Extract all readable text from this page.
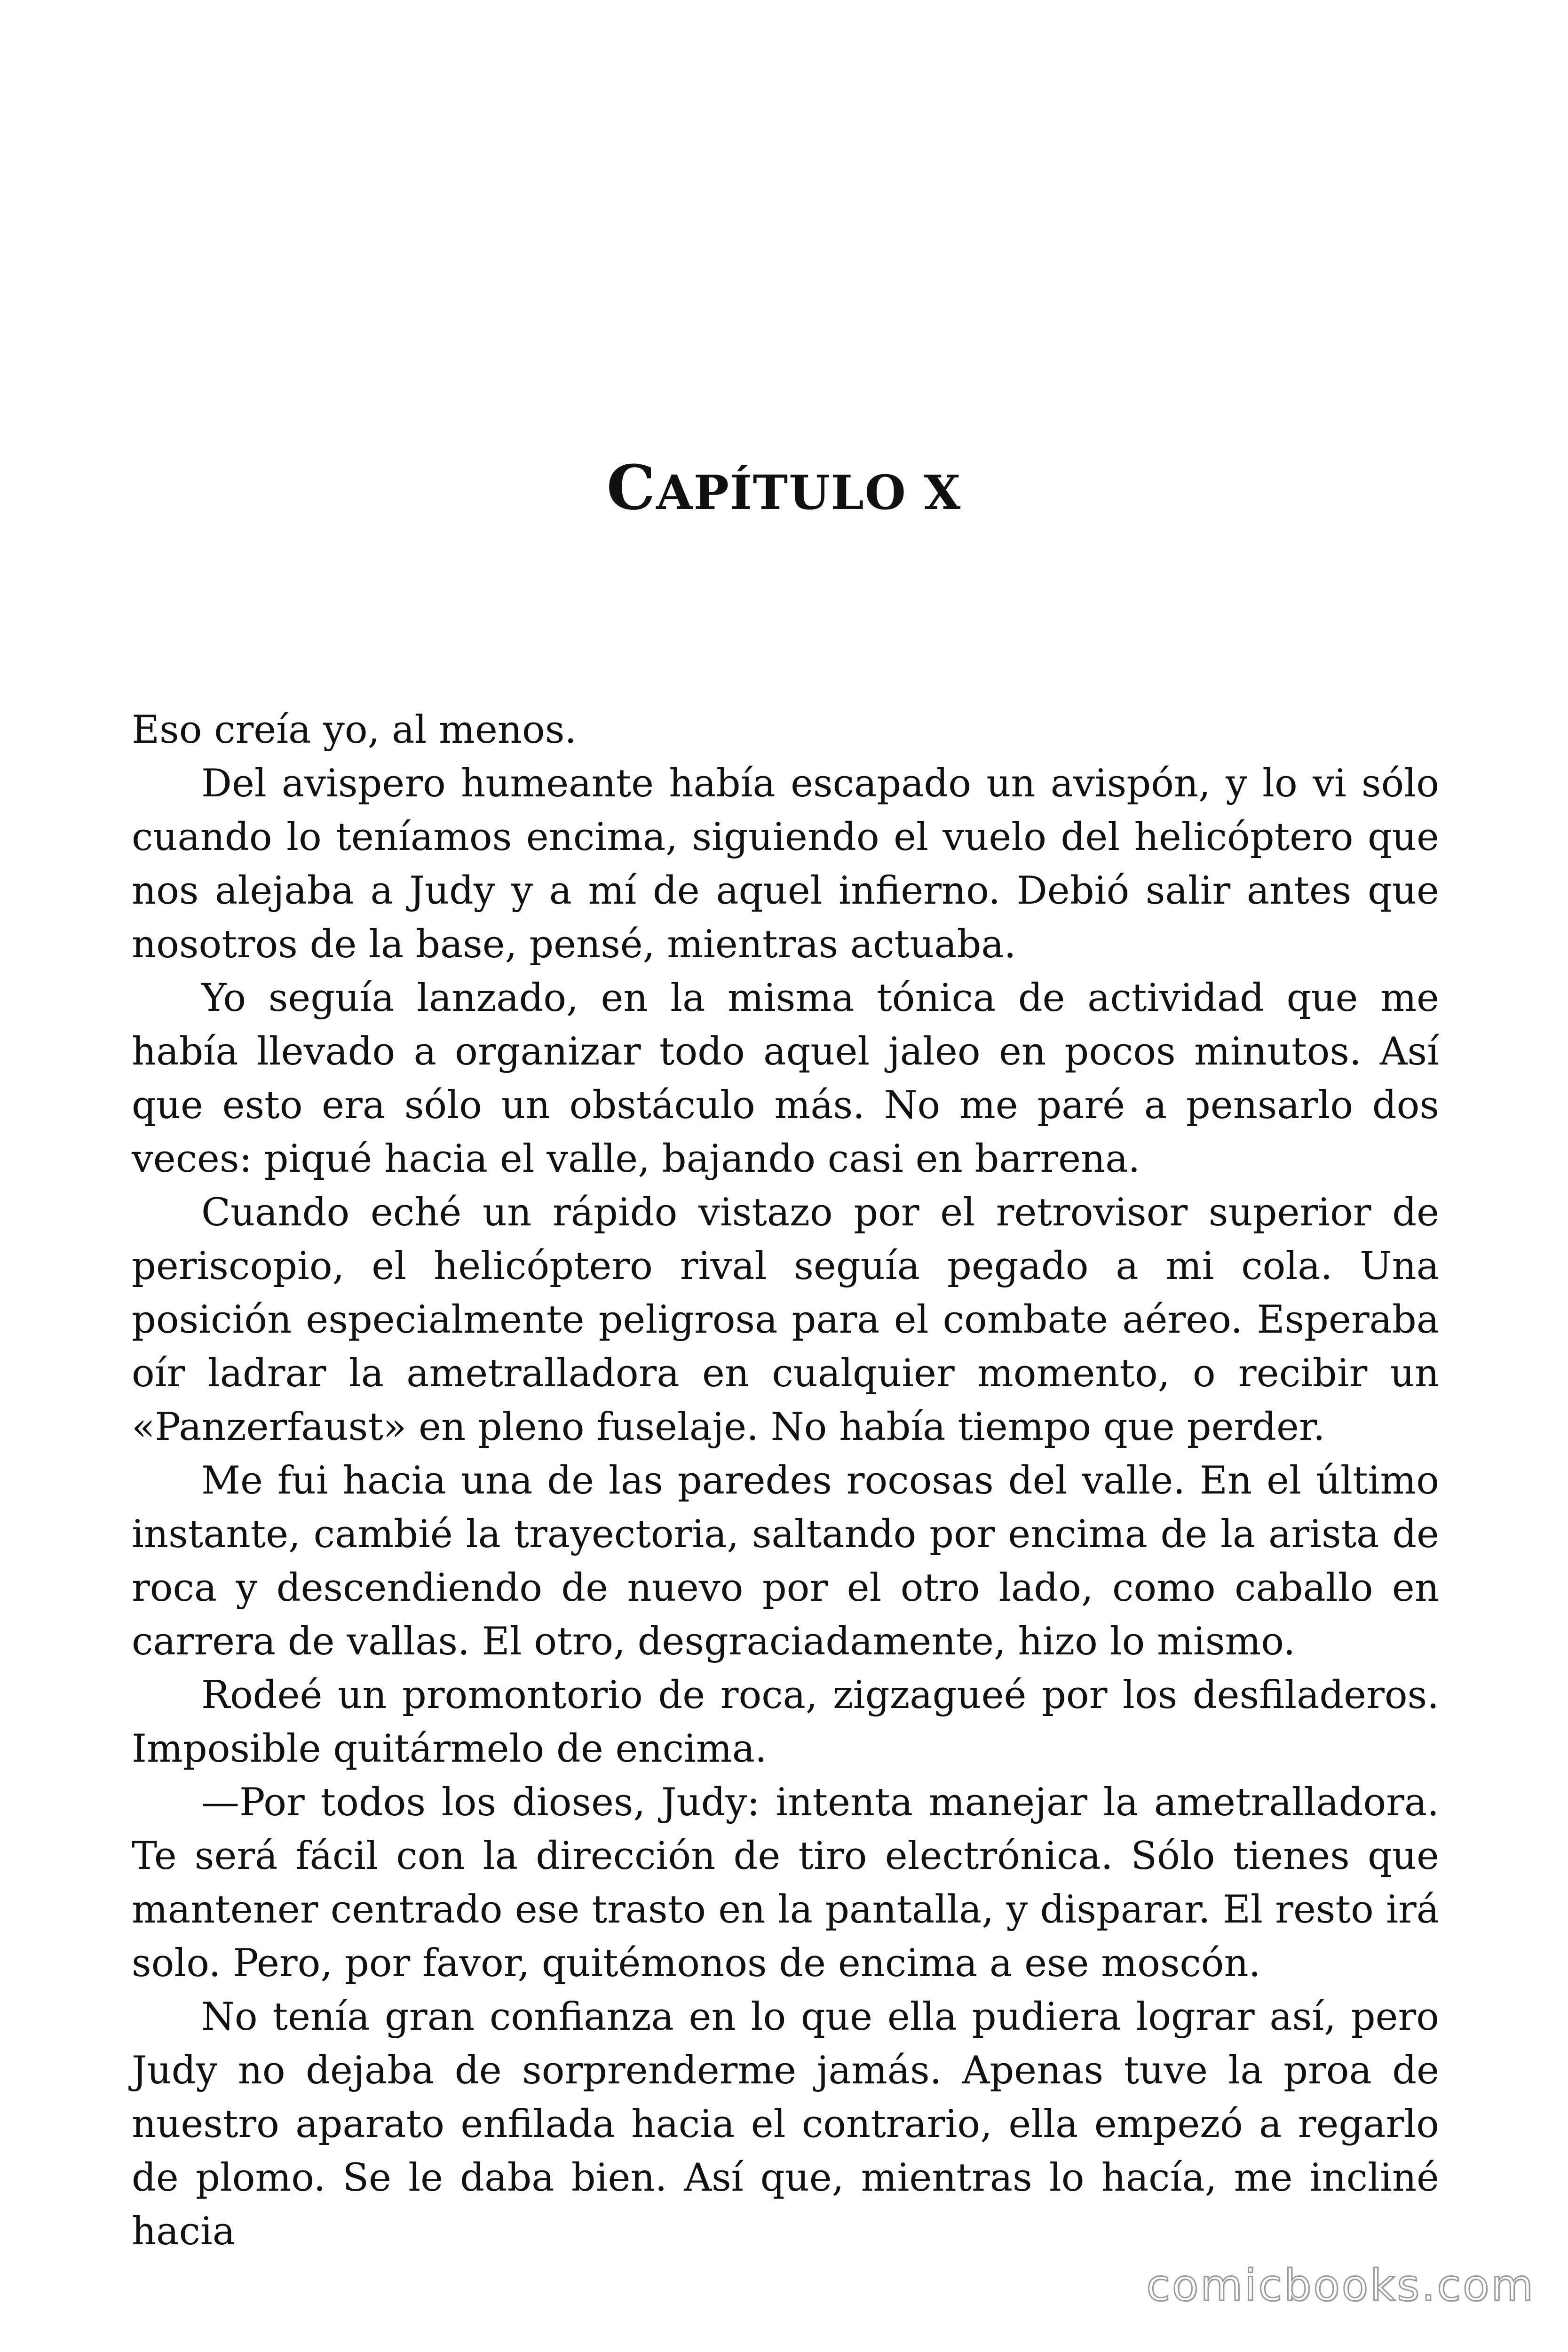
CAPÍTULO X

Eso creía yo, al menos.

Del avispero humeante había escapado un avispón, y lo vi sólo cuando lo teníamos encima, siguiendo el vuelo del helicóptero que nos alejaba a Judy y a mí de aquel infierno. Debió salir antes que nosotros de la base, pensé, mientras actuaba.

Yo seguía lanzado, en la misma tónica de actividad que me había llevado a organizar todo aquel jaleo en pocos minutos. Así que esto era sólo un obstáculo más. No me paré a pensarlo dos veces: piqué hacia el valle, bajando casi en barrena.

Cuando eché un rápido vistazo por el retrovisor superior de periscopio, el helicóptero rival seguía pegado a mi cola. Una posición especialmente peligrosa para el combate aéreo. Esperaba oír ladrar la ametralladora en cualquier momento, o recibir un «Panzerfaust» en pleno fuselaje. No había tiempo que perder.

Me fui hacia una de las paredes rocosas del valle. En el último instante, cambié la trayectoria, saltando por encima de la arista de roca y descendiendo de nuevo por el otro lado, como caballo en carrera de vallas. El otro, desgraciadamente, hizo lo mismo.

Rodeé un promontorio de roca, zigzagueé por los desfiladeros. Imposible quitármelo de encima.

—Por todos los dioses, Judy: intenta manejar la ametralladora. Te será fácil con la dirección de tiro electrónica. Sólo tienes que mantener centrado ese trasto en la pantalla, y disparar. El resto irá solo. Pero, por favor, quitémonos de encima a ese moscón.

No tenía gran confianza en lo que ella pudiera lograr así, pero Judy no dejaba de sorprenderme jamás. Apenas tuve la proa de nuestro aparato enfilada hacia el contrario, ella empezó a regarlo de plomo. Se le daba bien. Así que, mientras lo hacía, me incliné hacia

comicbooks.com
